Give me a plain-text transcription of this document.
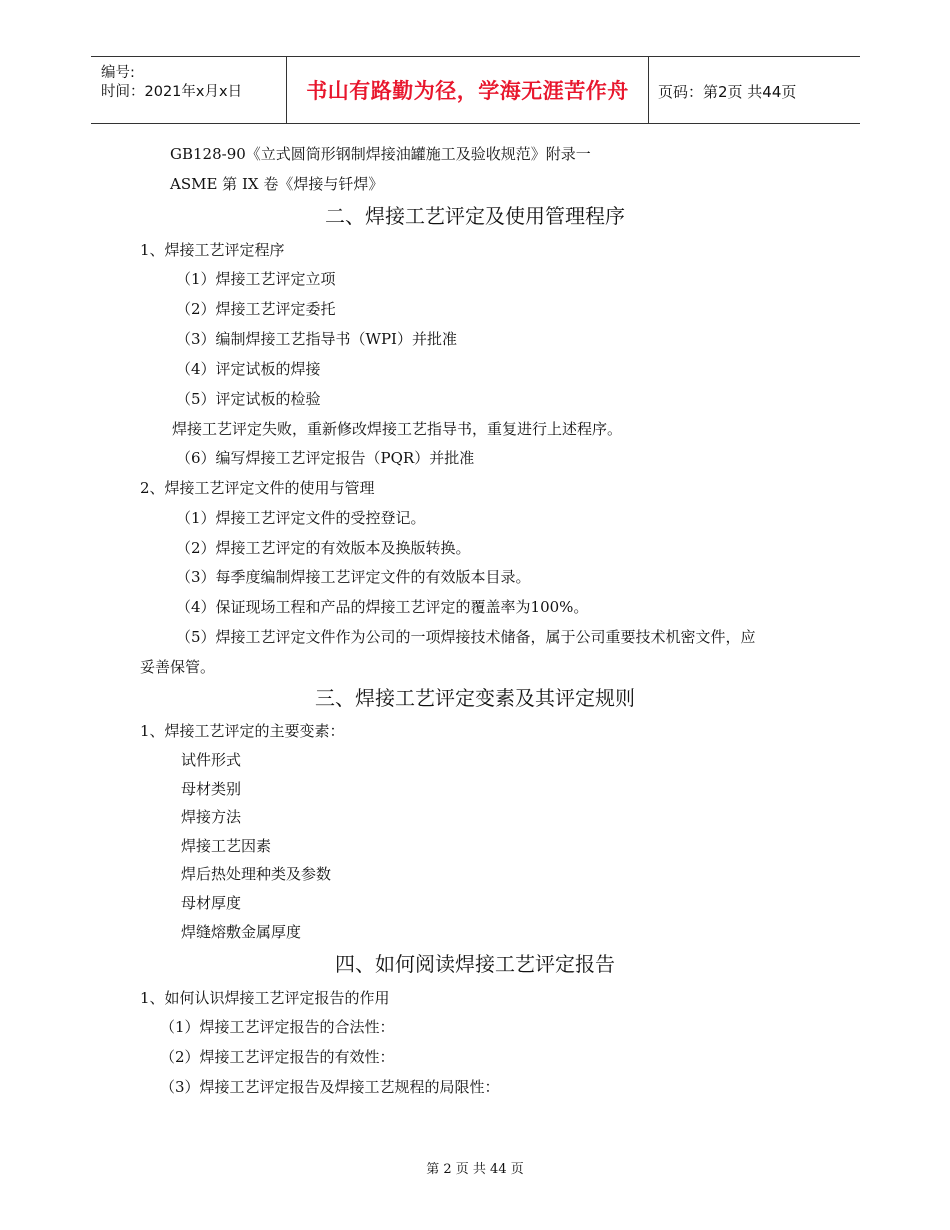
编号:
时间：2021年x月x日	书山有路勤为径，学海无涯苦作舟	页码：第2页 共44页
GB128-90《立式圆筒形钢制焊接油罐施工及验收规范》附录一
ASME 第 IX 卷《焊接与钎焊》
二、焊接工艺评定及使用管理程序
1、焊接工艺评定程序
（1）焊接工艺评定立项
（2）焊接工艺评定委托
（3）编制焊接工艺指导书（WPI）并批准
（4）评定试板的焊接
（5）评定试板的检验
焊接工艺评定失败，重新修改焊接工艺指导书，重复进行上述程序。
（6）编写焊接工艺评定报告（PQR）并批准
2、焊接工艺评定文件的使用与管理
（1）焊接工艺评定文件的受控登记。
（2）焊接工艺评定的有效版本及换版转换。
（3）每季度编制焊接工艺评定文件的有效版本目录。
（4）保证现场工程和产品的焊接工艺评定的覆盖率为100%。
（5）焊接工艺评定文件作为公司的一项焊接技术储备，属于公司重要技术机密文件，应
妥善保管。
三、焊接工艺评定变素及其评定规则
1、焊接工艺评定的主要变素：
试件形式
母材类别
焊接方法
焊接工艺因素
焊后热处理种类及参数
母材厚度
焊缝熔敷金属厚度
四、如何阅读焊接工艺评定报告
1、如何认识焊接工艺评定报告的作用
（1）焊接工艺评定报告的合法性：
（2）焊接工艺评定报告的有效性：
（3）焊接工艺评定报告及焊接工艺规程的局限性：
第 2 页 共 44 页
